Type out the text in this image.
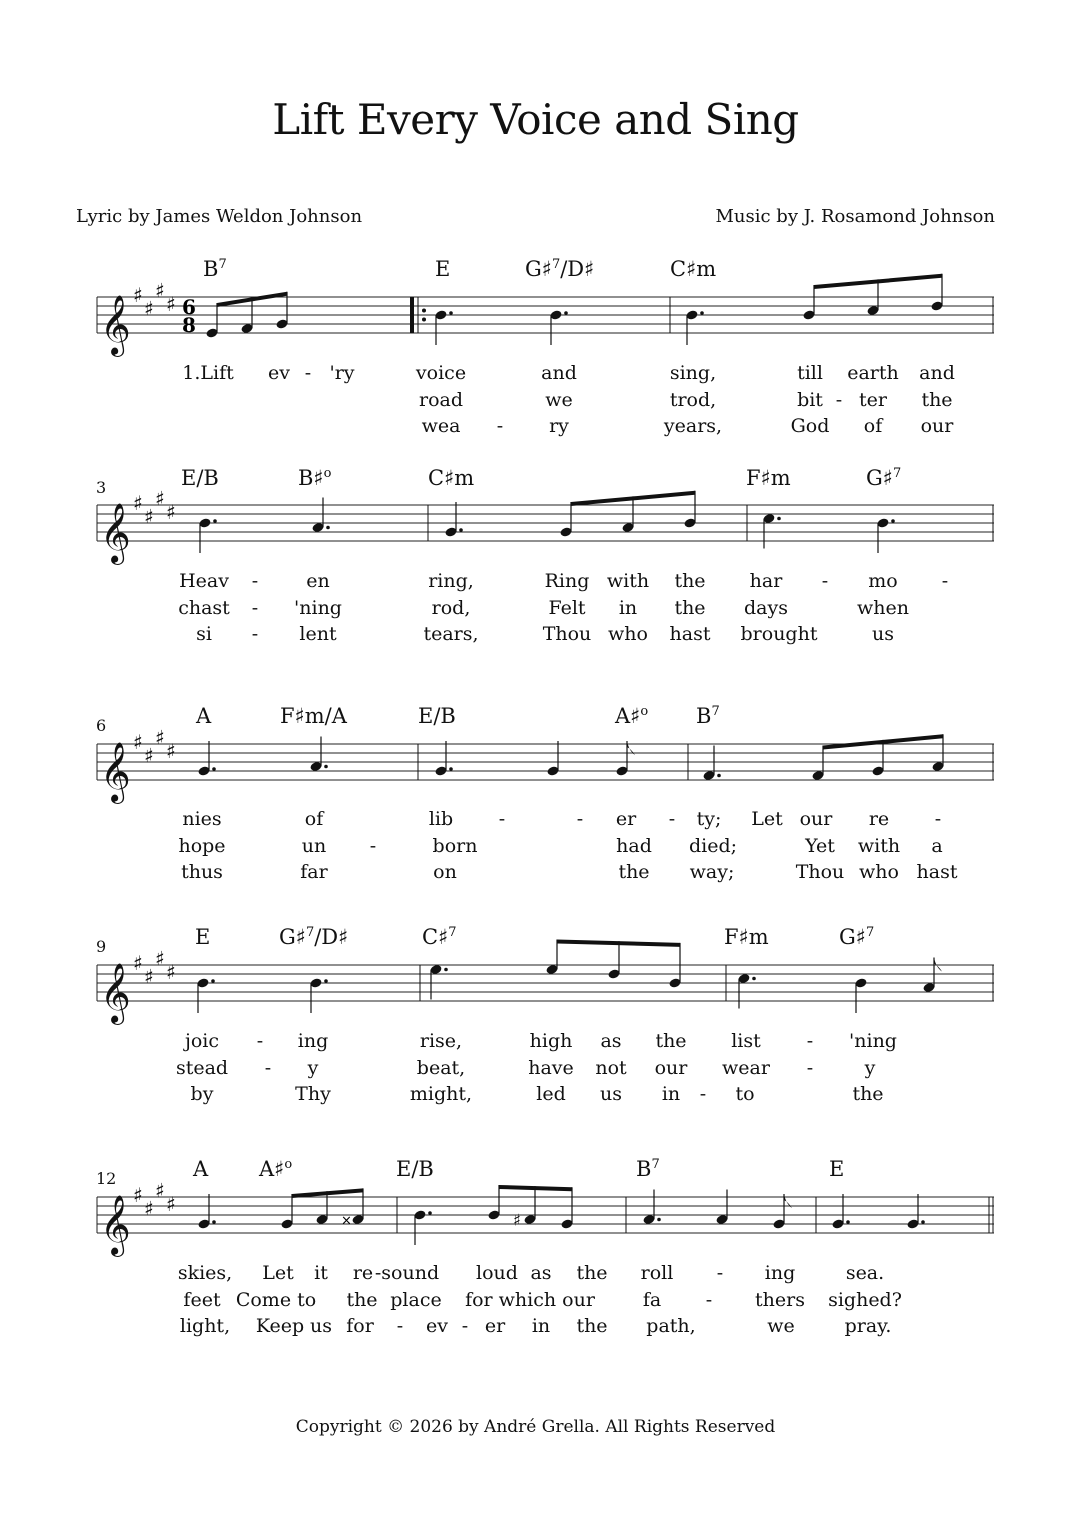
Lift Every Voice and Sing
Lyric by James Weldon Johnson	Music by J. Rosamond Johnson
$B^7$	E	G♯$^7$/D♯	C♯m
1.Lift ev - 'ry	voice	and	sing,	till earth and
road	we	trod,	bit - ter the
wea - ry	years,	God of our
𝄞 ♯
♯
♯
♯ 6
8
3	E/B	B♯$^o$	C♯m	F♯m	G♯$^7$
Heav -	en	ring,	Ring with the har - mo -
chast - 'ning	rod,	Felt in the days	when
si - lent	tears,	Thou who hast brought	us
𝄞 ♯
♯
♯
♯
6	A	F♯m/A	E/B	A♯$^o$ $B^7$
nies	of	lib -	- er - ty; Let our re -
hope	un -	born	had died;	Yet with a
thus	far	on	the way;	Thou who hast
𝄞 ♯
♯
♯
♯
9	E	G♯$^7$/D♯	C♯$^7$	F♯m	G♯$^7$
joic - ing	rise,	high as the list - 'ning
stead - y	beat,	have not our wear -	y
by	Thy	might,	led us in - to	the
𝄞 ♯
♯
♯
♯
12	A A♯$^o$	E/B	$B^7$	E
skies, Let it re -sound loud as the roll - ing	sea.
feet Come to the place for which our	fa - thers sighed?
light, Keep us for - ev - er in the path,	we	pray.
𝄞 ♯
♯
♯
♯
×	♯
Copyright © 2026 by André Grella. All Rights Reserved
